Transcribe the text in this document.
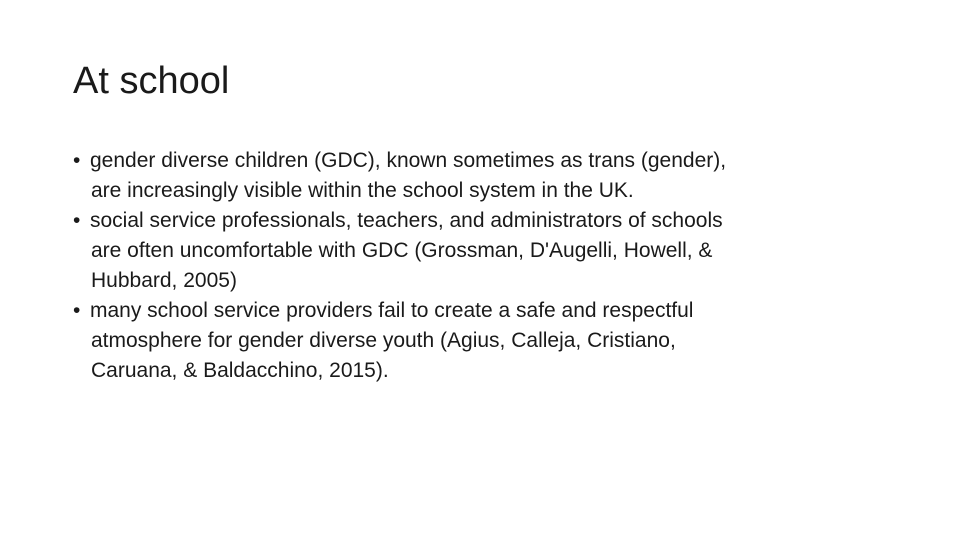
At school
• gender diverse children (GDC), known sometimes as trans (gender),
are increasingly visible within the school system in the UK.
• social service professionals, teachers, and administrators of schools
are often uncomfortable with GDC (Grossman, D'Augelli, Howell, &
Hubbard, 2005)
• many school service providers fail to create a safe and respectful
atmosphere for gender diverse youth (Agius, Calleja, Cristiano,
Caruana, & Baldacchino, 2015).
